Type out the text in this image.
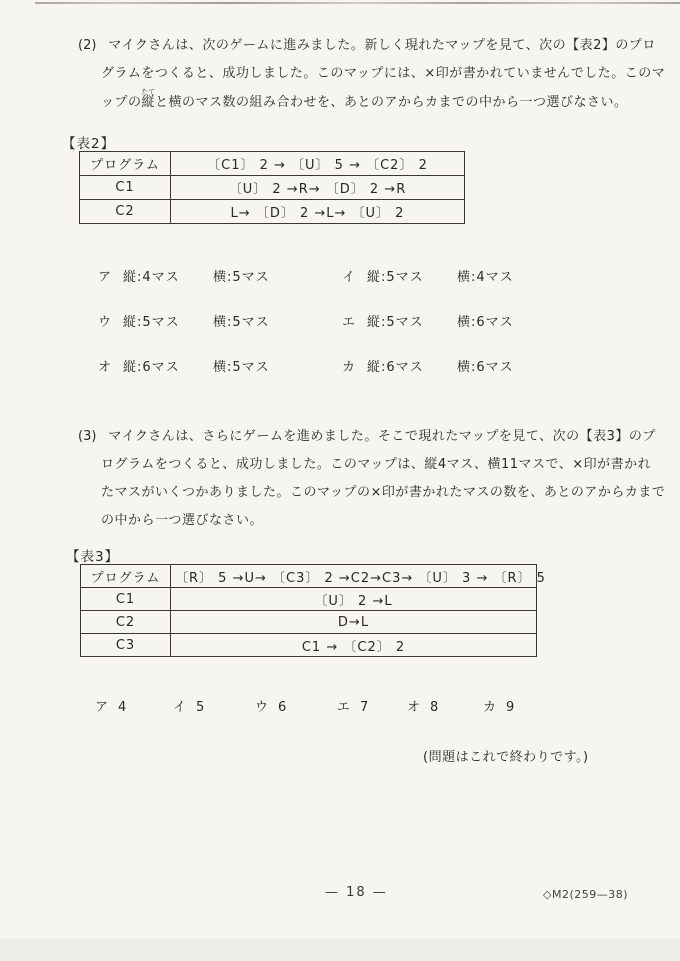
(2) マイクさんは、次のゲームに進みました。新しく現れたマップを見て、次の【表2】のプロ
グラムをつくると、成功しました。このマップには、×印が書かれていませんでした。このマ
ップの縦たてと横のマス数の組み合わせを、あとのアからカまでの中から一つ選びなさい。
【表2】
プログラム	〔C1〕 2 → 〔U〕 5 → 〔C2〕 2
C1	〔U〕 2 →R→ 〔D〕 2 →R
C2	L→ 〔D〕 2 →L→ 〔U〕 2
ア 縦:4マス	横:5マス	イ 縦:5マス	横:4マス
ウ 縦:5マス	横:5マス	エ 縦:5マス	横:6マス
オ 縦:6マス	横:5マス	カ 縦:6マス	横:6マス
(3) マイクさんは、さらにゲームを進めました。そこで現れたマップを見て、次の【表3】のプ
ログラムをつくると、成功しました。このマップは、縦4マス、横11マスで、×印が書かれ
たマスがいくつかありました。このマップの×印が書かれたマスの数を、あとのアからカまで
の中から一つ選びなさい。
【表3】
プログラム	〔R〕 5 →U→ 〔C3〕 2 →C2→C3→ 〔U〕 3 → 〔R〕 5
C1	〔U〕 2 →L
C2	D→L
C3	C1 → 〔C2〕 2
ア 4	イ 5	ウ 6	エ 7	オ 8	カ 9
(問題はこれで終わりです。)
— 18 —	◇M2(259—38)
